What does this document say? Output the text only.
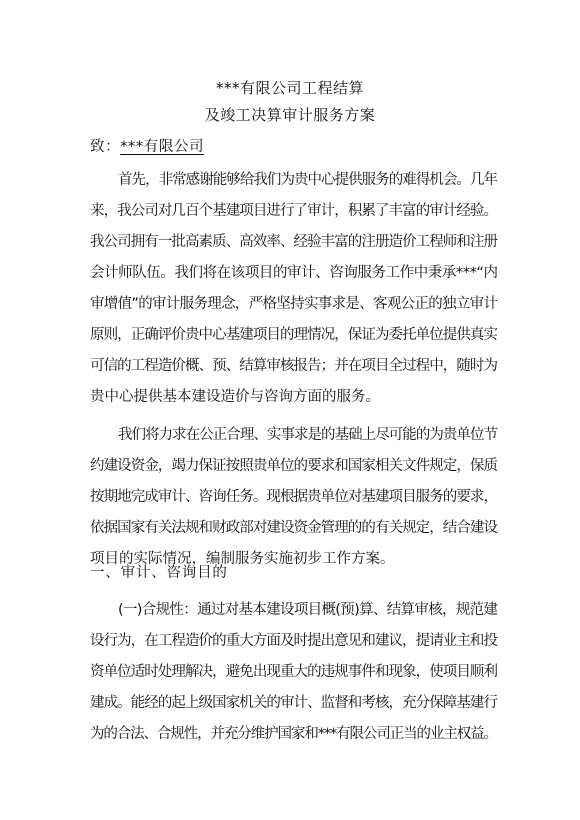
***有限公司工程结算
及竣工决算审计服务方案
致：***有限公司
首先，非常感谢能够给我们为贵中心提供服务的难得机会。几年
来，我公司对几百个基建项目进行了审计，积累了丰富的审计经验。
我公司拥有一批高素质、高效率、经验丰富的注册造价工程师和注册
会计师队伍。我们将在该项目的审计、咨询服务工作中秉承***“内
审增值”的审计服务理念，严格坚持实事求是、客观公正的独立审计
原则，正确评价贵中心基建项目的理情况，保证为委托单位提供真实
可信的工程造价概、预、结算审核报告；并在项目全过程中，随时为
贵中心提供基本建设造价与咨询方面的服务。
我们将力求在公正合理、实事求是的基础上尽可能的为贵单位节
约建设资金，竭力保证按照贵单位的要求和国家相关文件规定，保质
按期地完成审计、咨询任务。现根据贵单位对基建项目服务的要求，
依据国家有关法规和财政部对建设资金管理的的有关规定，结合建设
项目的实际情况，编制服务实施初步工作方案。
一、审计、咨询目的
(一)合规性：通过对基本建设项目概(预)算、结算审核，规范建
设行为，在工程造价的重大方面及时提出意见和建议，提请业主和投
资单位适时处理解决，避免出现重大的违规事件和现象，使项目顺利
建成。能经的起上级国家机关的审计、监督和考核，充分保障基建行
为的合法、合规性，并充分维护国家和***有限公司正当的业主权益。
